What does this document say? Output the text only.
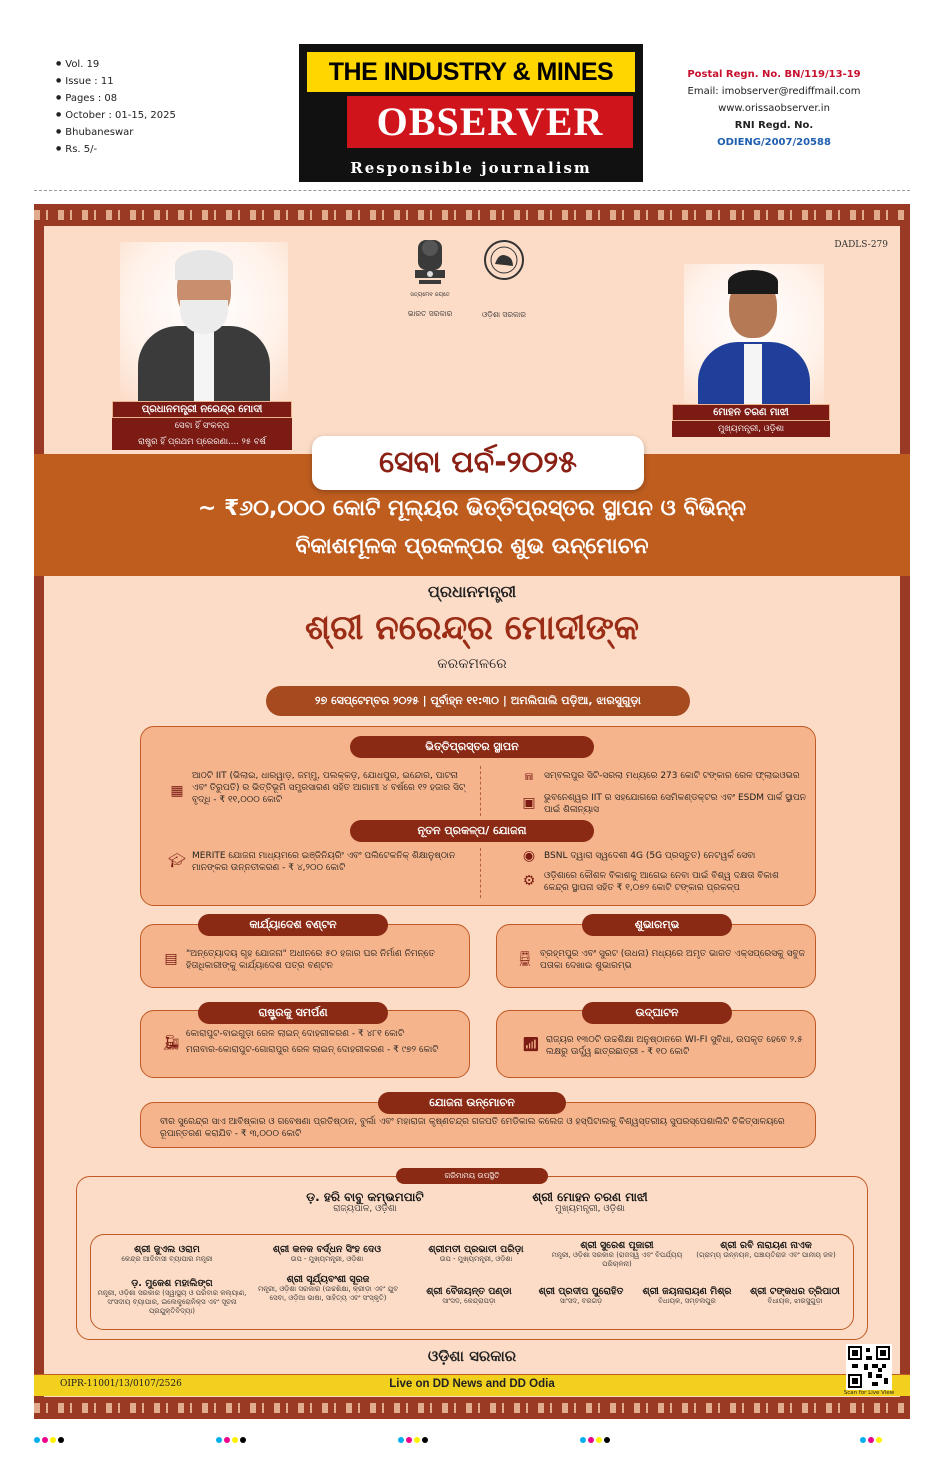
● Vol. 19
● Issue : 11
● Pages : 08
● October : 01-15, 2025
● Bhubaneswar
● Rs. 5/-
THE INDUSTRY & MINES
OBSERVER
Responsible journalism
Postal Regn. No. BN/119/13-19
Email: imobserver@rediffmail.com
www.orissaobserver.in
RNI Regd. No.
ODIENG/2007/20588
DADLS-279
ସତ୍ୟମେବ ଜୟତେ
ଭାରତ ସରକାର	ଓଡ଼ିଶା ସରକାର
ପ୍ରଧାନମନ୍ତ୍ରୀ ନରେନ୍ଦ୍ର ମୋଦୀ
ସେବା ହିଁ ସଂକଳ୍ପ
ରାଷ୍ଟ୍ର ହିଁ ପ୍ରଥମ ପ୍ରେରଣା.... ୨୫ ବର୍ଷ
ମୋହନ ଚରଣ ମାଝୀ
ମୁଖ୍ୟମନ୍ତ୍ରୀ, ଓଡ଼ିଶା
ସେବା ପର୍ବ-୨୦୨୫
~ ₹୬୦,୦୦୦ କୋଟି ମୂଲ୍ୟର ଭିତ୍ତିପ୍ରସ୍ତର ସ୍ଥାପନ ଓ ବିଭିନ୍ନ
ବିକାଶମୂଳକ ପ୍ରକଳ୍ପର ଶୁଭ ଉନ୍ମୋଚନ
ପ୍ରଧାନମନ୍ତ୍ରୀ
ଶ୍ରୀ ନରେନ୍ଦ୍ର ମୋଦୀଙ୍କ
କରକମଳରେ
୨୭ ସେପ୍ଟେମ୍ବର ୨୦୨୫ | ପୂର୍ବାହ୍ନ ୧୧:୩୦ | ଅମଲିପାଲି ପଡ଼ିଆ, ଝାରସୁଗୁଡ଼ା
ଭିତ୍ତିପ୍ରସ୍ତର ସ୍ଥାପନ
▦
ଆଠଟି IIT (ଭିଲାଇ, ଧାରୱାଡ଼, ଜମ୍ମୁ, ପଲକ୍କଡ଼, ଯୋଧପୁର, ଇନ୍ଦୋର, ପାଟନା ଏବଂ ତିରୁପତି) ର ଭିତ୍ତିଭୂମି ସମ୍ପ୍ରସାରଣ ସହିତ ଆଗାମୀ ୪ ବର୍ଷରେ ୧୨ ହଜାର ସିଟ୍ ବୃଦ୍ଧି - ₹ ୧୧,୦୦୦ କୋଟି
⩎	ସମ୍ବଲପୁର ସିଟି-ସରଲା ମଧ୍ୟରେ 273 କୋଟି ଟଙ୍କାର ରେଳ ଫ୍ଲାଇଓଭର
▣ ଭୁବନେଶ୍ୱର IIT ର ସହଯୋଗରେ ସେମିକଣ୍ଡକ୍ଟର ଏବଂ ESDM ପାର୍କ ସ୍ଥାପନ ପାଇଁ ଶିଳାନ୍ୟାସ
ନୂତନ ପ୍ରକଳ୍ପ/ ଯୋଜନା
🎓︎ MERITE ଯୋଜନା ମାଧ୍ୟମରେ ଇଞ୍ଜିନିୟରିଂ ଏବଂ ପଲିଟେକନିକ୍ ଶିକ୍ଷାନୁଷ୍ଠାନ ମାନଙ୍କର ଉନ୍ନତୀକରଣ - ₹ ୪,୨୦୦ କୋଟି
◉ BSNL ଦ୍ୱାରା ସ୍ୱଦେଶୀ 4G (5G ପ୍ରସ୍ତୁତ) ନେଟୱର୍କ ସେବା
⚙ ଓଡ଼ିଶାରେ କୌଶଳ ବିକାଶକୁ ଆଗେଇ ନେବା ପାଇଁ ବିଶ୍ୱ ଦକ୍ଷତା ବିକାଶ କେନ୍ଦ୍ର ସ୍ଥାପନା ସହିତ ₹ ୧,୦୭୨ କୋଟି ଟଙ୍କାର ପ୍ରକଳ୍ପ
କାର୍ଯ୍ୟାଦେଶ ବଣ୍ଟନ
▤ "ଅନ୍ତ୍ୟୋଦୟ ଗୃହ ଯୋଜନା" ଅଧୀନରେ ୫୦ ହଜାର ଘର ନିର୍ମାଣ ନିମନ୍ତେ ହିତାଧିକାରୀଙ୍କୁ କାର୍ଯ୍ୟାଦେଶ ପତ୍ର ବଣ୍ଟନ
ଶୁଭାରମ୍ଭ
🚆︎ ବ୍ରହ୍ମପୁର ଏବଂ ସୁରଟ (ଉଧନା) ମଧ୍ୟରେ ଅମୃତ ଭାରତ ଏକ୍ସପ୍ରେସକୁ ସବୁଜ ପତାକା ଦେଖାଇ ଶୁଭାରମ୍ଭ
ରାଷ୍ଟ୍ରକୁ ସମର୍ପଣ
🚂︎
କୋରାପୁଟ-ବାଇଗୁଡ଼ା ରେଳ ଲାଇନ୍ ଦୋହରୀକରଣ - ₹ ୪୮୧ କୋଟି
ମନାବାର-କୋରାପୁଟ-ଗୋରାପୁର ରେଳ ଲାଇନ୍ ଦୋହରୀକରଣ - ₹ ୯୭୨ କୋଟି
ଉଦ୍‌ଘାଟନ
📶︎ ରାଜ୍ୟର ୧୩୦ଟି ଉଚ୍ଚଶିକ୍ଷା ଅନୁଷ୍ଠାନରେ WI-FI ସୁବିଧା, ଉପକୃତ ହେବେ ୨.୫ ଲକ୍ଷରୁ ଊର୍ଦ୍ଧ୍ୱ ଛାତ୍ରଛାତ୍ରୀ - ₹ ୧୦ କୋଟି
ଯୋଜନା ଉନ୍ମୋଚନ
ବୀର ସୁରେନ୍ଦ୍ର ସାଏ ଆବିଷ୍କାର ଓ ଗବେଷଣା ପ୍ରତିଷ୍ଠାନ, ବୁର୍ଲା ଏବଂ ମହାରାଜା କୃଷ୍ଣଚନ୍ଦ୍ର ଗଜପତି ମେଡିକାଲ କଲେଜ ଓ ହସ୍ପିଟାଲକୁ ବିଶ୍ୱସ୍ତରୀୟ ସୁପରସ୍ପେଶାଲିଟି ଚିକିତ୍ସାଳୟରେ ରୂପାନ୍ତରଣ କରାଯିବ - ₹ ୩,୦୦୦ କୋଟି
ଗରିମାମୟ ଉପସ୍ଥିତି
ଡ଼. ହରି ବାବୁ କମ୍ଭମପାଟି
ରାଜ୍ୟପାଳ, ଓଡ଼ିଶା
ଶ୍ରୀ ମୋହନ ଚରଣ ମାଝୀ
ମୁଖ୍ୟମନ୍ତ୍ରୀ, ଓଡ଼ିଶା
ଶ୍ରୀ ଜୁଏଲ ଓରାମ
କେନ୍ଦ୍ର ଆଦିବାସୀ ବ୍ୟାପାର ମନ୍ତ୍ରୀ
ଶ୍ରୀ କନକ ବର୍ଦ୍ଧନ ସିଂହ ଦେଓ
ଉପ - ମୁଖ୍ୟମନ୍ତ୍ରୀ, ଓଡ଼ିଶା
ଶ୍ରୀମତୀ ପ୍ରଭାତୀ ପରିଡ଼ା
ଉପ - ମୁଖ୍ୟମନ୍ତ୍ରୀ, ଓଡ଼ିଶା
ଶ୍ରୀ ସୁରେଶ ପୂଜାରୀ
ମନ୍ତ୍ରୀ, ଓଡ଼ିଶା ସରକାର (ରାଜସ୍ୱ ଏବଂ ବିପର୍ଯ୍ୟୟ ପରିଚାଳନା)
ଶ୍ରୀ ରବି ନାରାୟଣ ନାଏକ
(ଗ୍ରାମ୍ୟ ଉନ୍ନୟନ, ପଞ୍ଚାୟତିରାଜ ଏବଂ ପାନୀୟ ଜଳ)
ଡ଼. ମୁକେଶ ମହାଲିଙ୍ଗ
ମନ୍ତ୍ରୀ, ଓଡ଼ିଶା ସରକାର (ସ୍ୱାସ୍ଥ୍ୟ ଓ ପରିବାର କଲ୍ୟାଣ, ସଂସଦୀୟ ବ୍ୟାପାର, ଇଲେକ୍ଟ୍ରୋନିକ୍ସ ଏବଂ ସୂଚନା ପ୍ରଯୁକ୍ତିବିଦ୍ୟା)
ଶ୍ରୀ ସୂର୍ଯ୍ୟବଂଶୀ ସୂରଜ
ମନ୍ତ୍ରୀ, ଓଡ଼ିଶା ସରକାର (ଉଚ୍ଚଶିକ୍ଷା, କ୍ରୀଡ଼ା ଏବଂ ଯୁବ ସେବା, ଓଡ଼ିଆ ଭାଷା, ସାହିତ୍ୟ ଏବଂ ସଂସ୍କୃତି)
ଶ୍ରୀ ବୈଜୟନ୍ତ ପଣ୍ଡା
ସାଂସଦ, କେନ୍ଦ୍ରାପଡ଼ା
ଶ୍ରୀ ପ୍ରଦୀପ ପୁରୋହିତ
ସାଂସଦ, ବରଗଡ଼
ଶ୍ରୀ ଜୟନାରାୟଣ ମିଶ୍ର
ବିଧାୟକ, ସମ୍ବଲପୁର
ଶ୍ରୀ ଟଙ୍କଧର ତ୍ରିପାଠୀ
ବିଧାୟକ, ଝାରସୁଗୁଡ଼ା
ଓଡ଼ିଶା ସରକାର
OIPR-11001/13/0107/2526	Live on DD News and DD Odia
Scan for Live View
